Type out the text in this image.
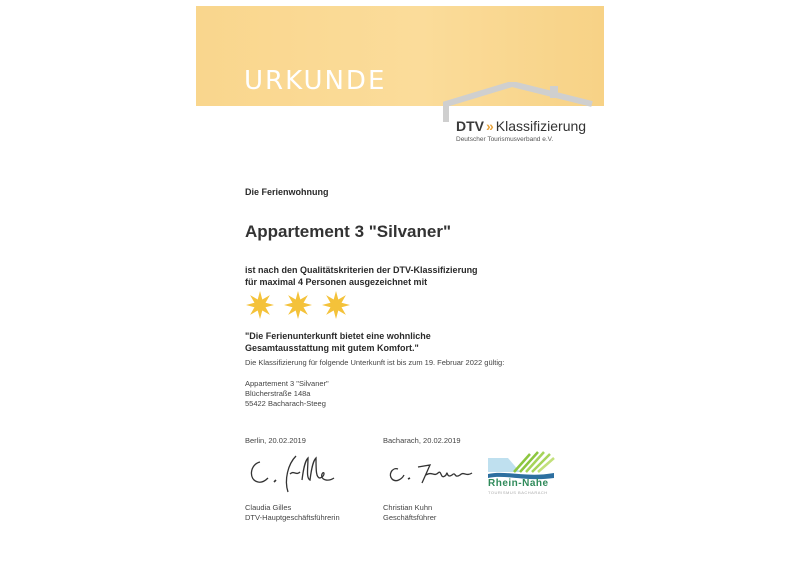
URKUNDE
DTV » Klassifizierung
Deutscher Tourismusverband e.V.
Die Ferienwohnung
Appartement 3 "Silvaner"
ist nach den Qualitätskriterien der DTV-Klassifizierung
für maximal 4 Personen ausgezeichnet mit
"Die Ferienunterkunft bietet eine wohnliche
Gesamtausstattung mit gutem Komfort."
Die Klassifizierung für folgende Unterkunft ist bis zum 19. Februar 2022 gültig:
Appartement 3 "Silvaner"
Blücherstraße 148a
55422 Bacharach-Steeg
Berlin, 20.02.2019	Bacharach, 20.02.2019
Claudia Gilles
DTV-Hauptgeschäftsführerin
Christian Kuhn
Geschäftsführer
Rhein-Nahe
TOURISMUS BACHARACH
